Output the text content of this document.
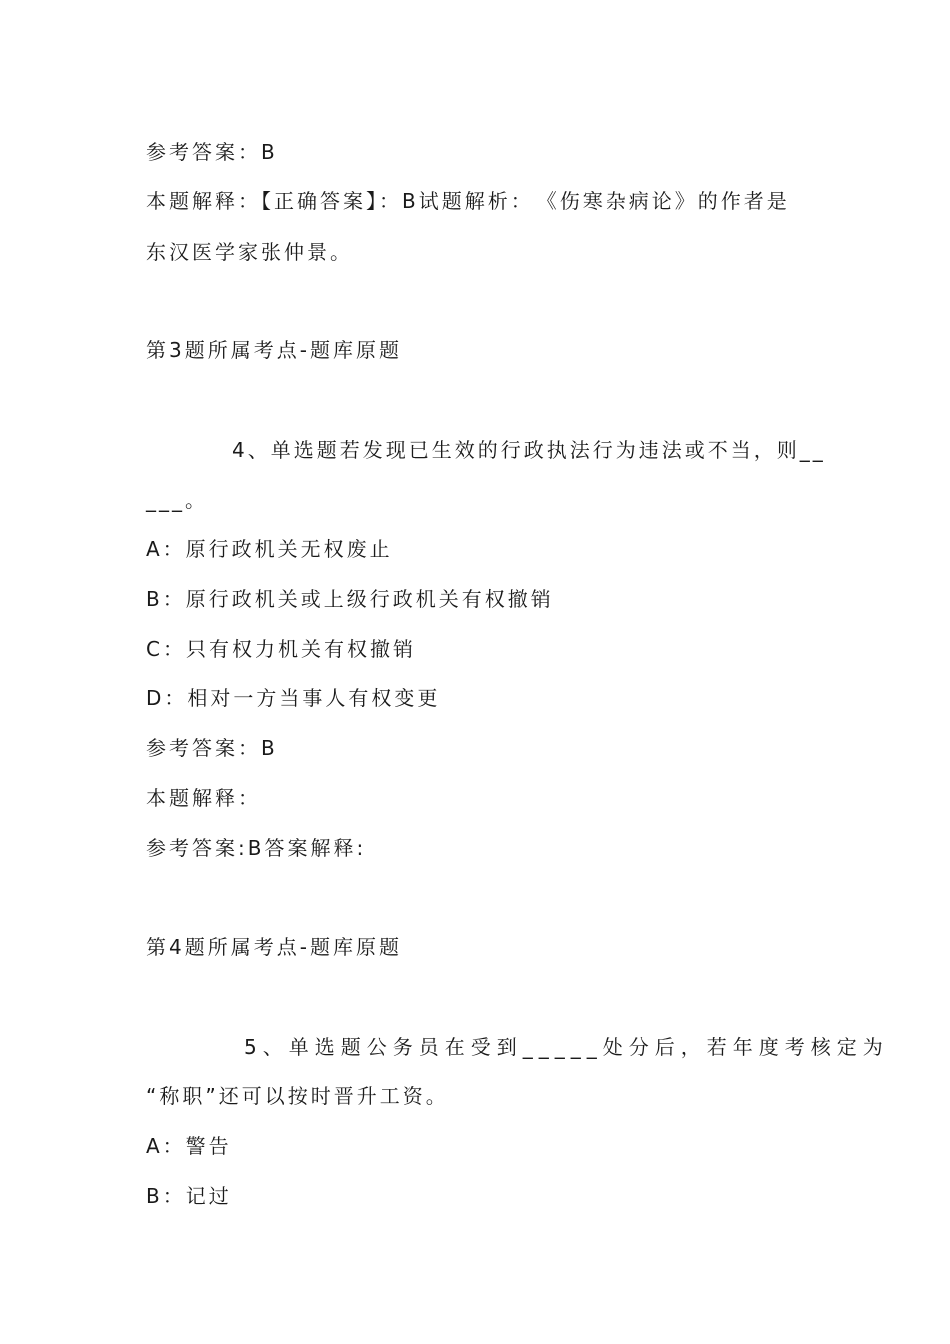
参考答案：B
本题解释：【正确答案】：B试题解析：　《伤寒杂病论》的作者是
东汉医学家张仲景。
第3题所属考点-题库原题
4、单选题若发现已生效的行政执法行为违法或不当，则__
___。
A：原行政机关无权废止
B：原行政机关或上级行政机关有权撤销
C：只有权力机关有权撤销
D：相对一方当事人有权变更
参考答案：B
本题解释：
参考答案:B答案解释:
第4题所属考点-题库原题
5、单选题公务员在受到_____处分后，若年度考核定为
“称职”还可以按时晋升工资。
A：警告
B：记过
